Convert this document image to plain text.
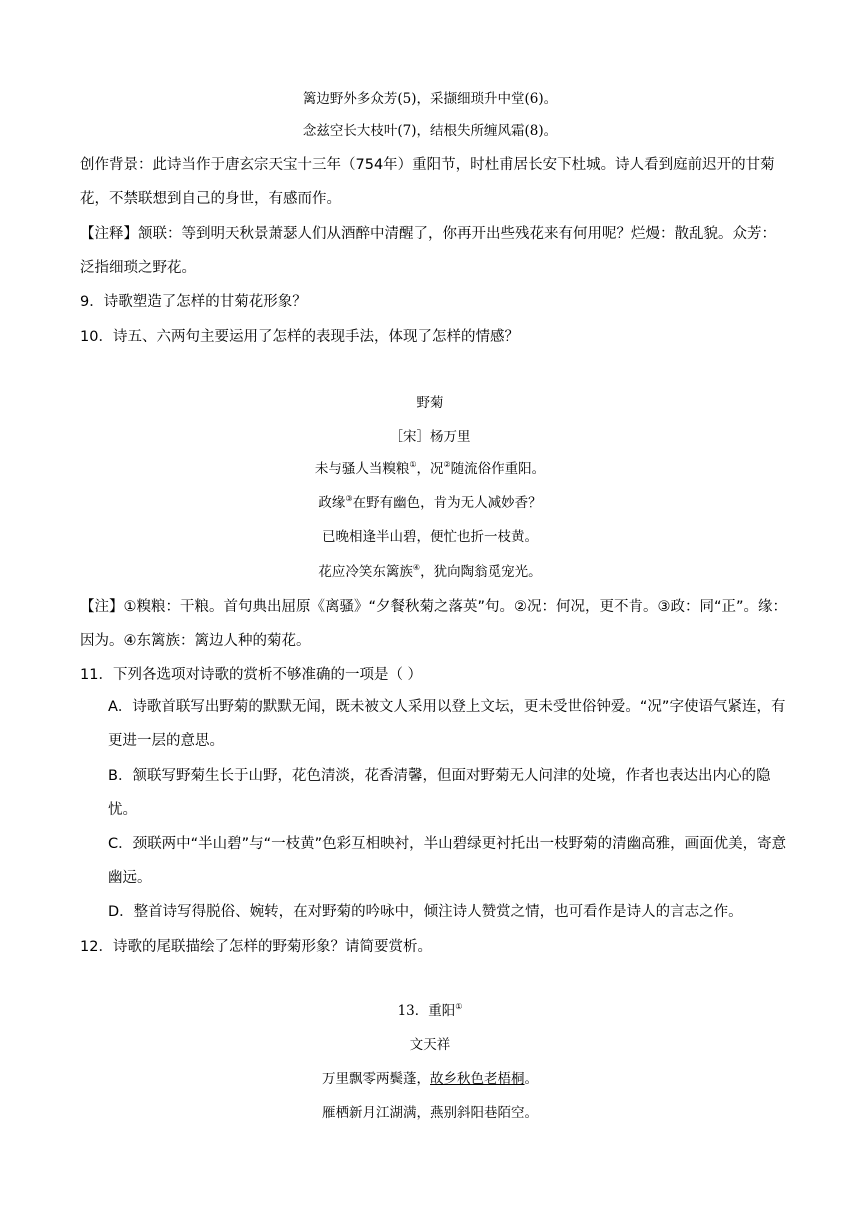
篱边野外多众芳(5)，采撷细琐升中堂(6)。
念兹空长大枝叶(7)，结根失所缠风霜(8)。
创作背景：此诗当作于唐玄宗天宝十三年（754年）重阳节，时杜甫居长安下杜城。诗人看到庭前迟开的甘菊
花，不禁联想到自己的身世，有感而作。
【注释】颔联：等到明天秋景萧瑟人们从酒醉中清醒了，你再开出些残花来有何用呢？烂熳：散乱貌。众芳：
泛指细琐之野花。
9．诗歌塑造了怎样的甘菊花形象？
10．诗五、六两句主要运用了怎样的表现手法，体现了怎样的情感？
野菊
［宋］杨万里
未与骚人当糗粮①，况②随流俗作重阳。
政缘③在野有幽色，肯为无人减妙香？
已晚相逢半山碧，便忙也折一枝黄。
花应冷笑东篱族④，犹向陶翁觅宠光。
【注】①糗粮：干粮。首句典出屈原《离骚》“夕餐秋菊之落英”句。②况：何况，更不肯。③政：同“正”。缘：
因为。④东篱族：篱边人种的菊花。
11．下列各选项对诗歌的赏析不够准确的一项是（ ）
A．诗歌首联写出野菊的默默无闻，既未被文人采用以登上文坛，更未受世俗钟爱。“况”字使语气紧连，有
更进一层的意思。
B．颔联写野菊生长于山野，花色清淡，花香清馨，但面对野菊无人问津的处境，作者也表达出内心的隐
忧。
C．颈联两中“半山碧”与“一枝黄”色彩互相映衬，半山碧绿更衬托出一枝野菊的清幽高雅，画面优美，寄意
幽远。
D．整首诗写得脱俗、婉转，在对野菊的吟咏中，倾注诗人赞赏之情，也可看作是诗人的言志之作。
12．诗歌的尾联描绘了怎样的野菊形象？请简要赏析。
13．重阳①
文天祥
万里飘零两鬓蓬，故乡秋色老梧桐。
雁栖新月江湖满，燕别斜阳巷陌空。
